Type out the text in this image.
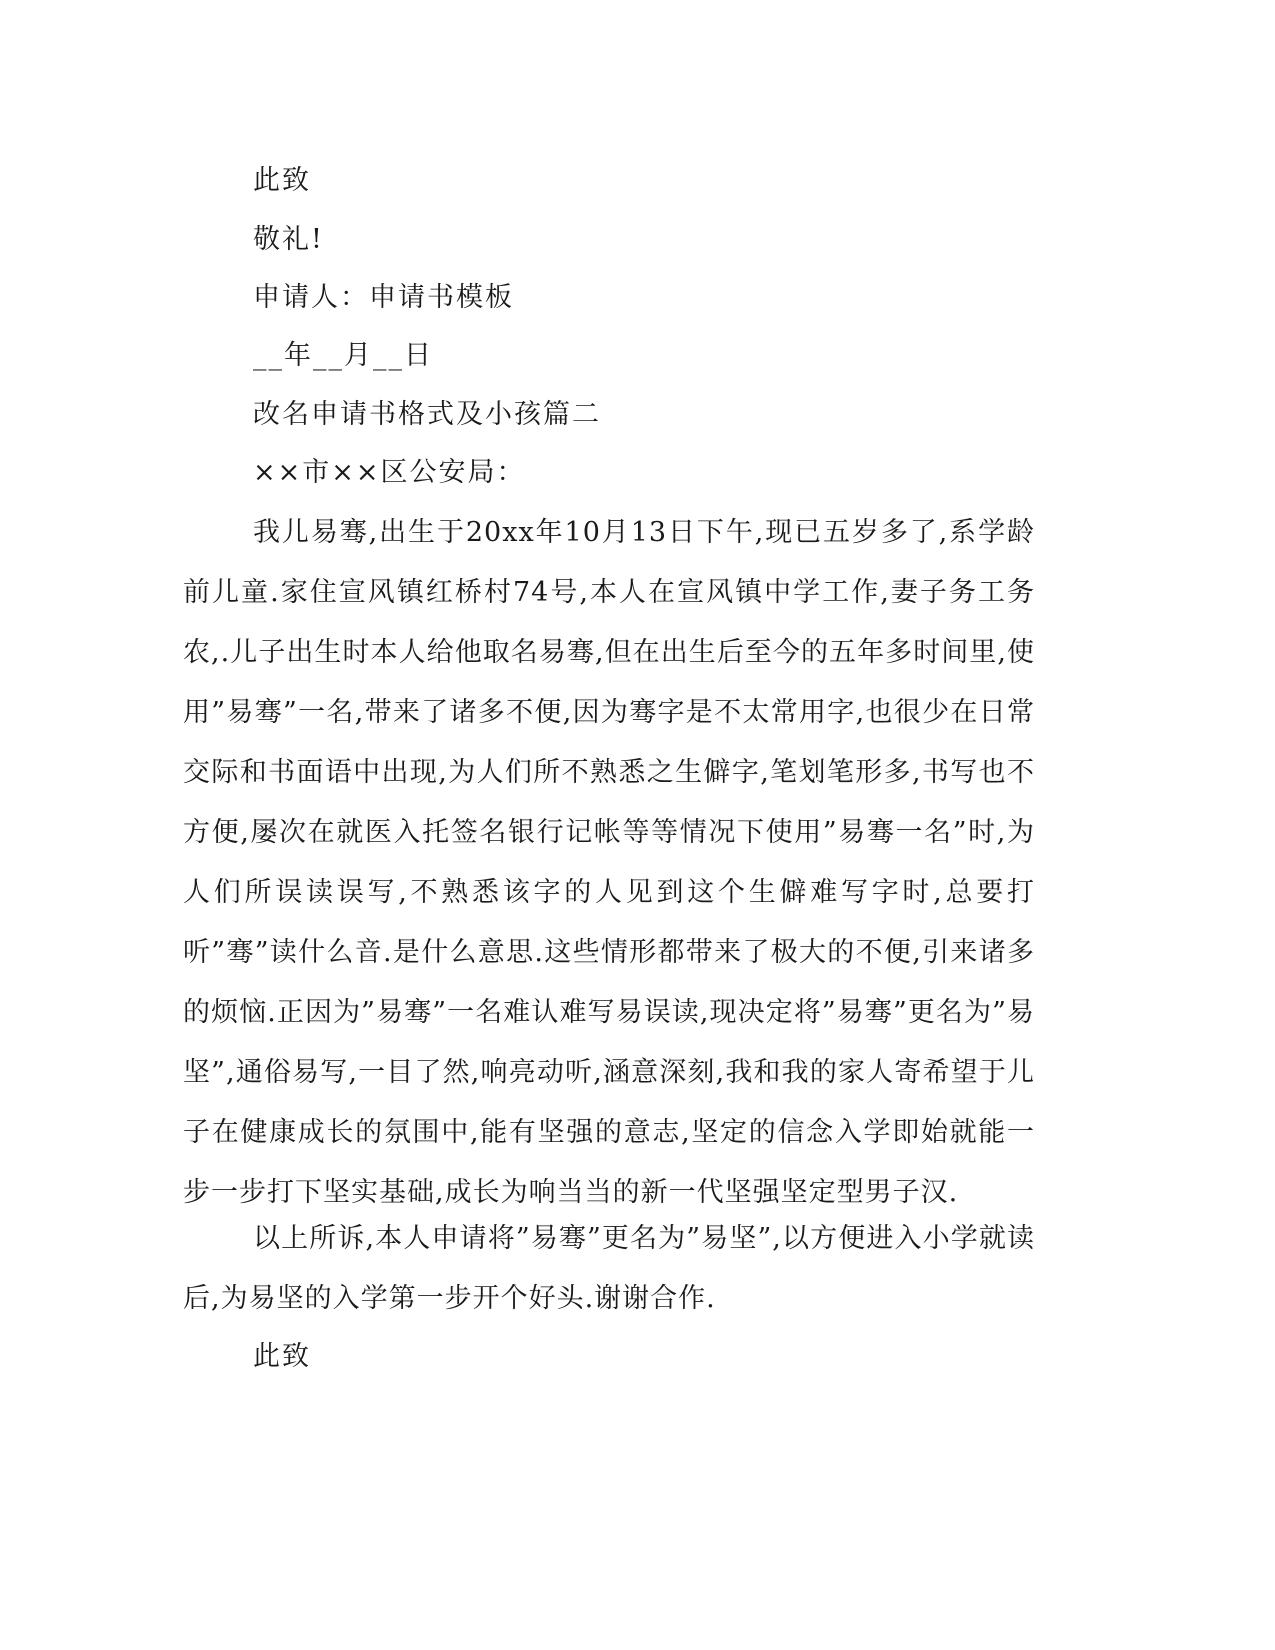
此致
敬礼!
申请人：申请书模板
__年__月__日
改名申请书格式及小孩篇二
××市××区公安局：
我儿易骞,出生于20xx年10月13日下午,现已五岁多了,系学龄前儿童.家住宣风镇红桥村74号,本人在宣风镇中学工作,妻子务工务农,.儿子出生时本人给他取名易骞,但在出生后至今的五年多时间里,使用”易骞”一名,带来了诸多不便,因为骞字是不太常用字,也很少在日常交际和书面语中出现,为人们所不熟悉之生僻字,笔划笔形多,书写也不方便,屡次在就医入托签名银行记帐等等情况下使用”易骞一名”时,为人们所误读误写,不熟悉该字的人见到这个生僻难写字时,总要打听”骞”读什么音.是什么意思.这些情形都带来了极大的不便,引来诸多的烦恼.正因为”易骞”一名难认难写易误读,现决定将”易骞”更名为”易坚”,通俗易写,一目了然,响亮动听,涵意深刻,我和我的家人寄希望于儿子在健康成长的氛围中,能有坚强的意志,坚定的信念入学即始就能一步一步打下坚实基础,成长为响当当的新一代坚强坚定型男子汉.
以上所诉,本人申请将”易骞”更名为”易坚”,以方便进入小学就读后,为易坚的入学第一步开个好头.谢谢合作.
此致
